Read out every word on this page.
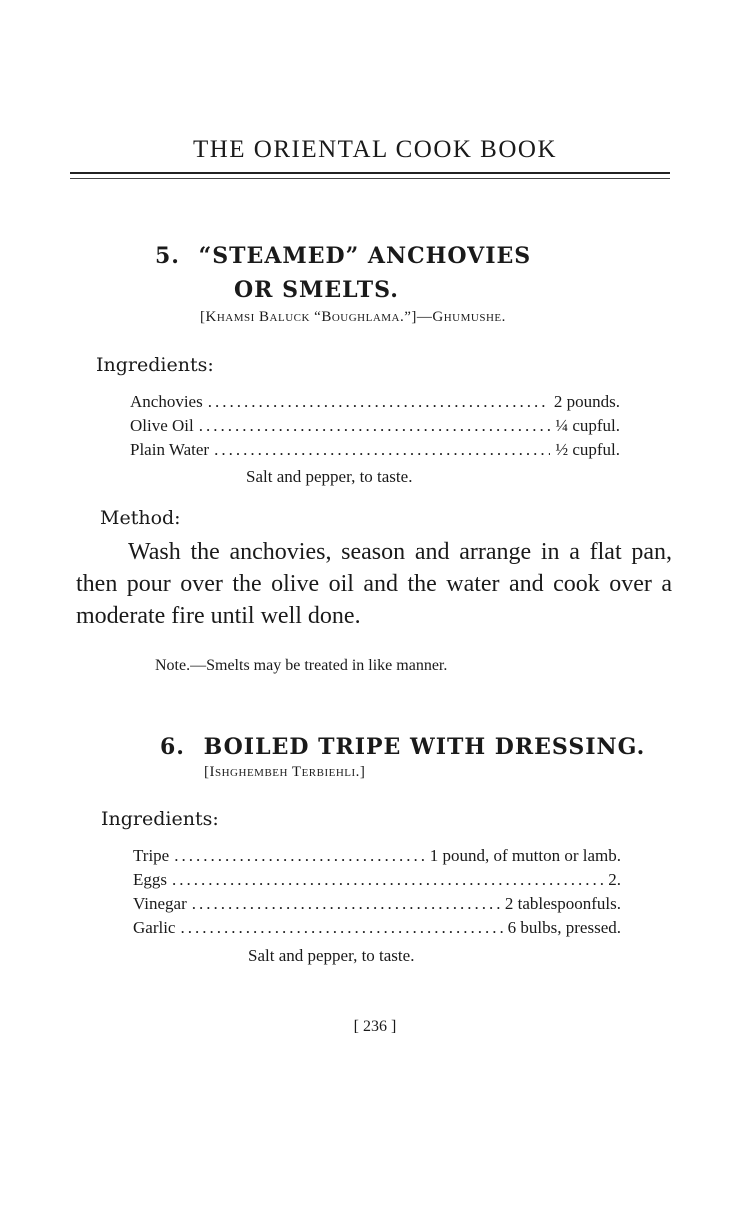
THE ORIENTAL COOK BOOK
5. “STEAMED” ANCHOVIES
OR SMELTS.
[Khamsi Baluck “Boughlama.”]—Ghumushe.
Ingredients:
Anchovies .....	2 pounds.
Olive Oil .....	¼ cupful.
Plain Water .....	½ cupful.
Salt and pepper, to taste.
Method:
Wash the anchovies, season and arrange in a flat pan, then pour over the olive oil and the water and cook over a moderate fire until well done.
Note.—Smelts may be treated in like manner.
6. BOILED TRIPE WITH DRESSING.
[Ishghembeh Terbiehli.]
Ingredients:
Tripe .....	1 pound, of mutton or lamb.
Eggs .....	2.
Vinegar .....	2 tablespoonfuls.
Garlic .....	6 bulbs, pressed.
Salt and pepper, to taste.
[ 236 ]
